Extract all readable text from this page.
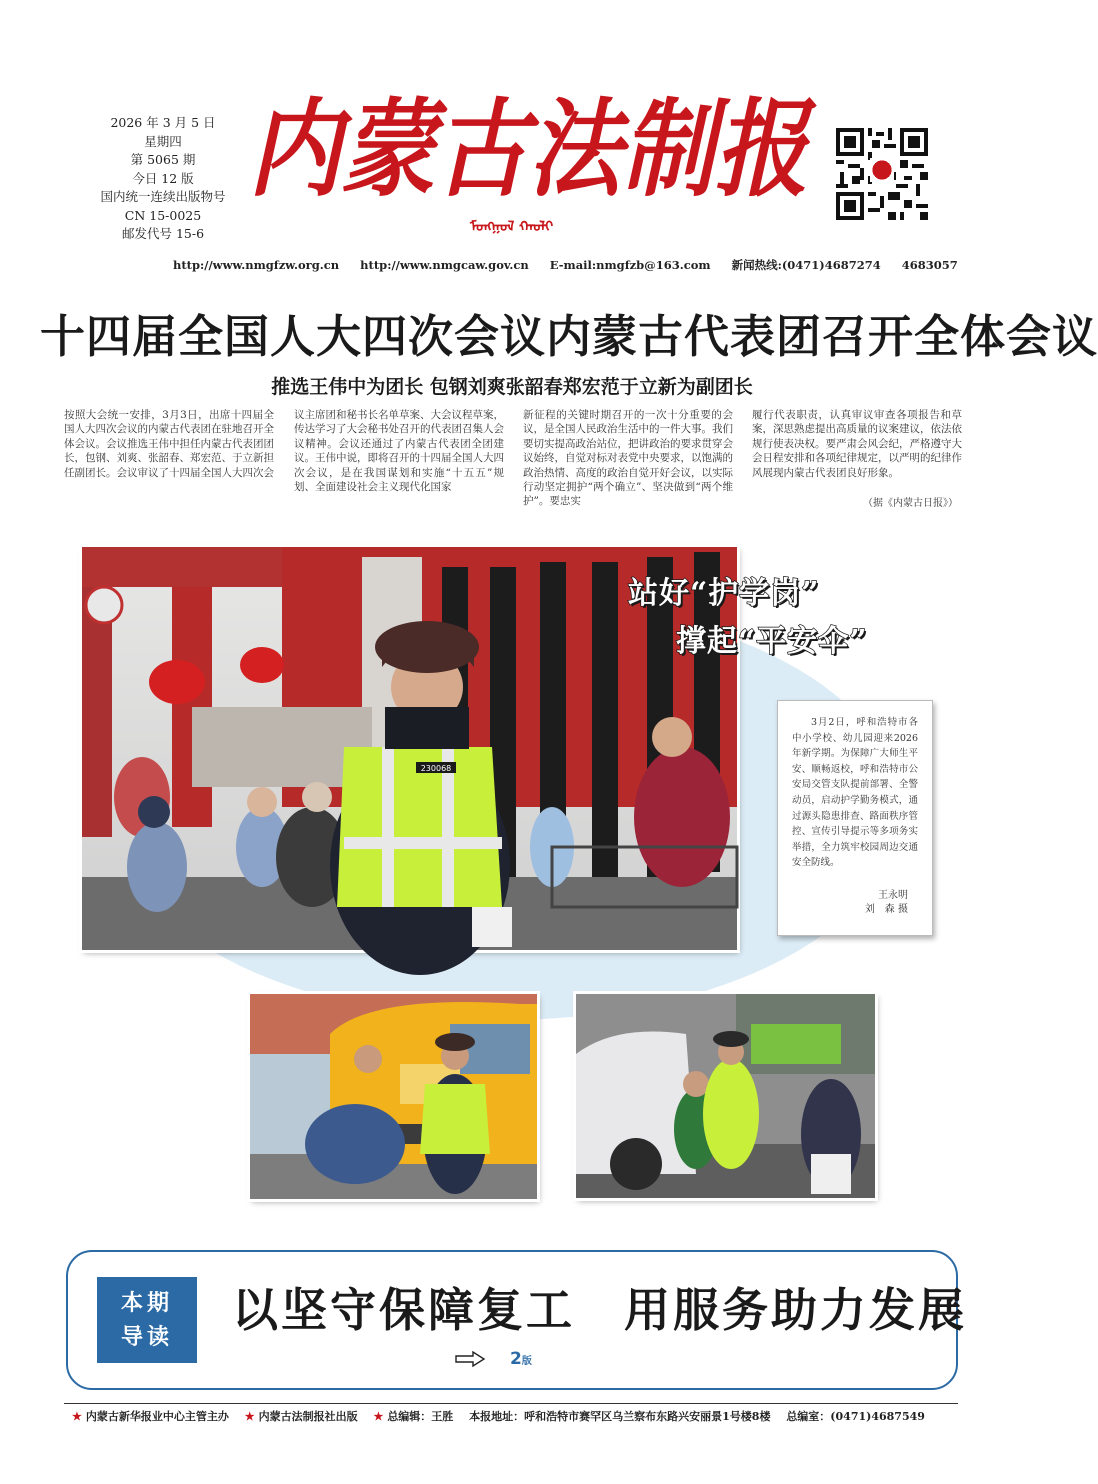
2026 年 3 月 5 日
星期四
第 5065 期
今日 12 版
国内统一连续出版物号
CN 15-0025
邮发代号 15-6
内蒙古法制报
ᠮᠣᠩᠭᠣᠯ ᠬᠠᠤᠯᠢ
http://www.nmgfzw.org.cn http://www.nmgcaw.gov.cn E-mail:nmgfzb@163.com 新闻热线:(0471)4687274 4683057
十四届全国人大四次会议内蒙古代表团召开全体会议
推选王伟中为团长 包钢刘爽张韶春郑宏范于立新为副团长
按照大会统一安排，3月3日，出席十四届全国人大四次会议的内蒙古代表团在驻地召开全体会议。会议推选王伟中担任内蒙古代表团团长，包钢、刘爽、张韶春、郑宏范、于立新担任副团长。会议审议了十四届全国人大四次会
议主席团和秘书长名单草案、大会议程草案，传达学习了大会秘书处召开的代表团召集人会议精神。会议还通过了内蒙古代表团全团建议。王伟中说，即将召开的十四届全国人大四次会议，是在我国谋划和实施“十五五”规划、全面建设社会主义现代化国家
新征程的关键时期召开的一次十分重要的会议，是全国人民政治生活中的一件大事。我们要切实提高政治站位，把讲政治的要求贯穿会议始终，自觉对标对表党中央要求，以饱满的政治热情、高度的政治自觉开好会议，以实际行动坚定拥护“两个确立”、坚决做到“两个维护”。要忠实
履行代表职责，认真审议审查各项报告和草案，深思熟虑提出高质量的议案建议，依法依规行使表决权。要严肃会风会纪，严格遵守大会日程安排和各项纪律规定，以严明的纪律作风展现内蒙古代表团良好形象。
（据《内蒙古日报》）
230068
站好“护学岗”
撑起“平安伞”
3月2日，呼和浩特市各中小学校、幼儿园迎来2026年新学期。为保障广大师生平安、顺畅返校，呼和浩特市公安局交管支队提前部署、全警动员，启动护学勤务模式，通过源头隐患排查、路面秩序管控、宣传引导提示等多项务实举措，全力筑牢校园周边交通安全防线。
王永明
刘　森 摄
本期
导读	以坚守保障复工　用服务助力发展
2版
★ 内蒙古新华报业中心主管主办 ★ 内蒙古法制报社出版 ★ 总编辑：王胜 本报地址：呼和浩特市赛罕区乌兰察布东路兴安丽景1号楼8楼 总编室：(0471)4687549
